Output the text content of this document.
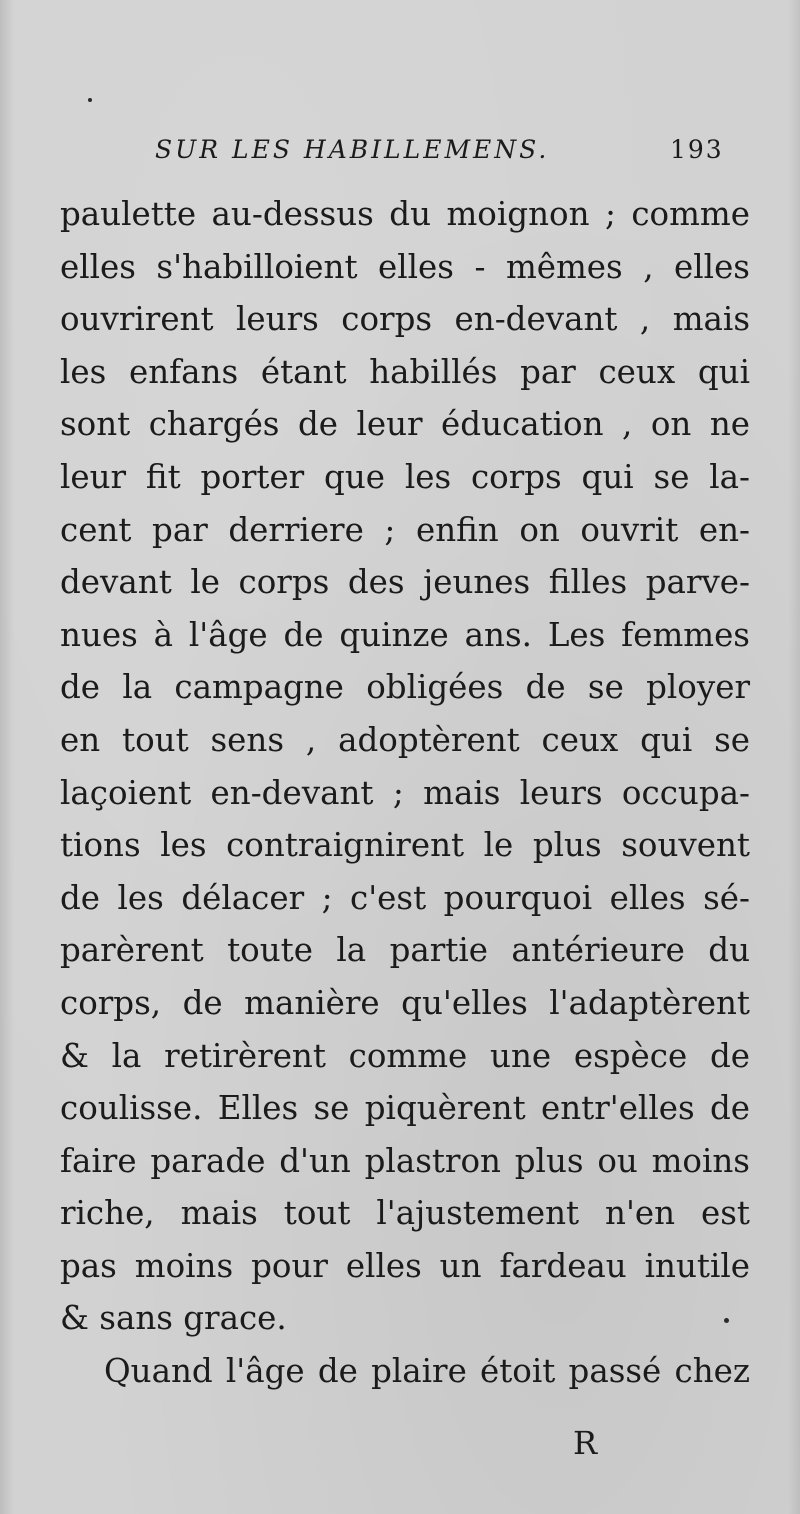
SUR LES HABILLEMENS.	193
paulette au-dessus du moignon ; comme
elles s'habilloient elles - mêmes , elles
ouvrirent leurs corps en-devant , mais
les enfans étant habillés par ceux qui
sont chargés de leur éducation , on ne
leur fit porter que les corps qui se la-
cent par derriere ; enfin on ouvrit en-
devant le corps des jeunes filles parve-
nues à l'âge de quinze ans. Les femmes
de la campagne obligées de se ployer
en tout sens , adoptèrent ceux qui se
laçoient en-devant ; mais leurs occupa-
tions les contraignirent le plus souvent
de les délacer ; c'est pourquoi elles sé-
parèrent toute la partie antérieure du
corps, de manière qu'elles l'adaptèrent
& la retirèrent comme une espèce de
coulisse. Elles se piquèrent entr'elles de
faire parade d'un plastron plus ou moins
riche, mais tout l'ajustement n'en est
pas moins pour elles un fardeau inutile
& sans grace.
Quand l'âge de plaire étoit passé chez
R
